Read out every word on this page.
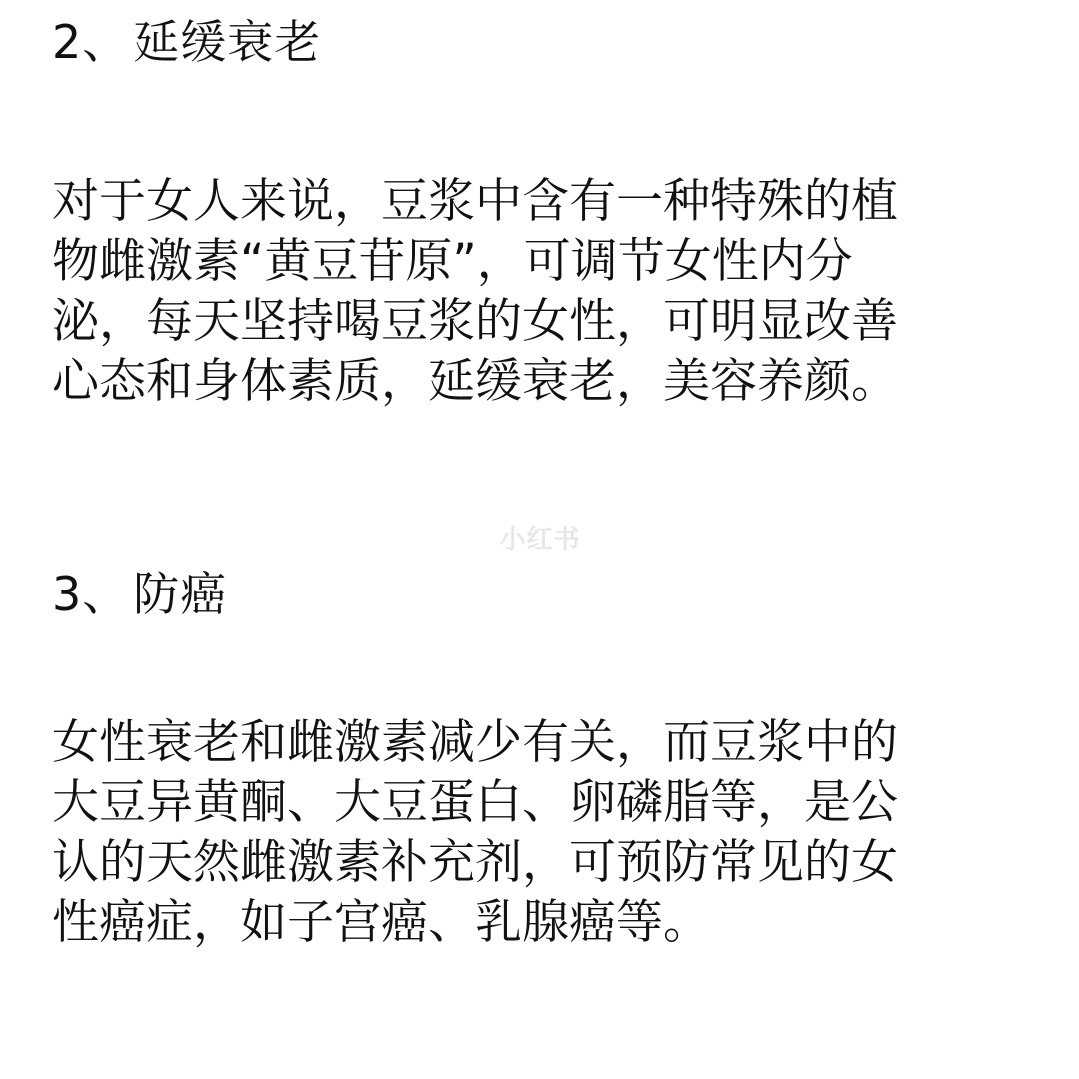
2、延缓衰老
对于女人来说，豆浆中含有一种特殊的植
物雌激素“黄豆苷原”，可调节女性内分
泌，每天坚持喝豆浆的女性，可明显改善
心态和身体素质，延缓衰老，美容养颜。
小红书
3、防癌
女性衰老和雌激素减少有关，而豆浆中的
大豆异黄酮、大豆蛋白、卵磷脂等，是公
认的天然雌激素补充剂，可预防常见的女
性癌症，如子宫癌、乳腺癌等。
